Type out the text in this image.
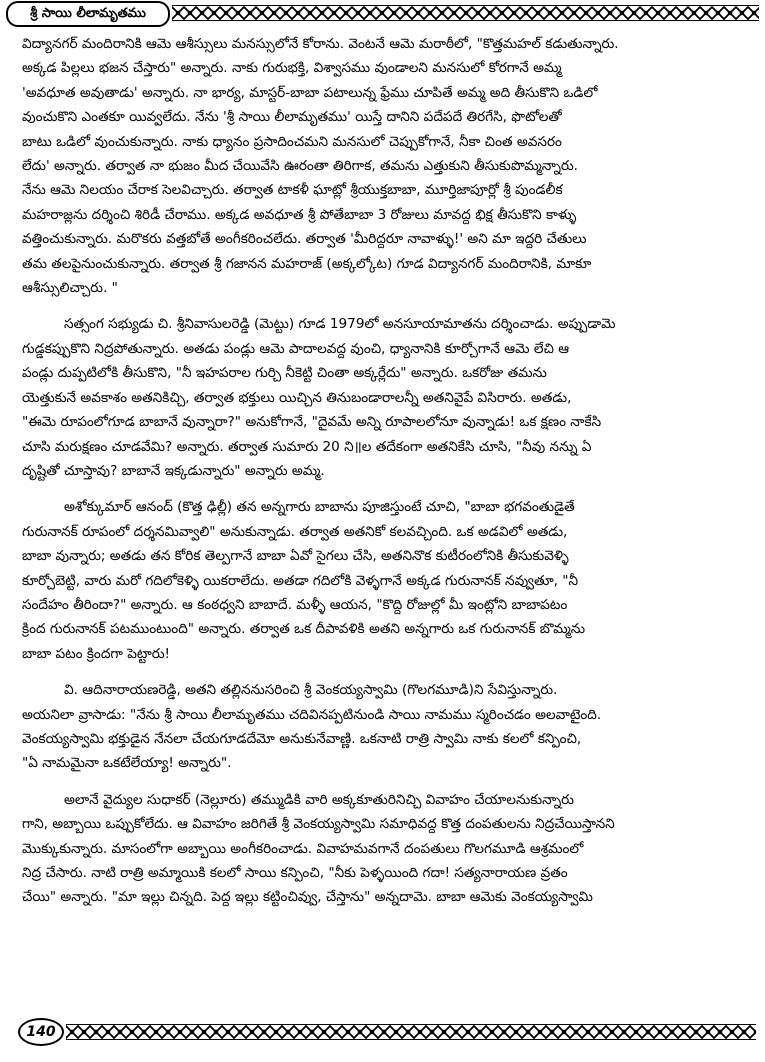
శ్రీ సాయి లీలామృతము
విద్యానగర్ మందిరానికి ఆమె ఆశీస్సులు మనస్సులోనే కోరాను. వెంటనే ఆమె మరాఠీలో, "కొత్తమహల్ కడుతున్నారు.
అక్కడ పిల్లలు భజన చేస్తారు" అన్నారు. నాకు గురుభక్తి, విశ్వాసము వుండాలని మనసులో కోరగానే అమ్మ
'అవధూత అవుతాడు' అన్నారు. నా భార్య, మాస్టర్-బాబా పటాలున్న ఫ్రేము చూపితే అమ్మ అది తీసుకొని ఒడిలో
వుంచుకొని ఎంతకూ యివ్వలేదు. నేను 'శ్రీ సాయి లీలామృతము' యిస్తే దానిని పదేపదే తిరగేసి, ఫొటోలతో
బాటు ఒడిలో వుంచుకున్నారు. నాకు ధ్యానం ప్రసాదించమని మనసులో చెప్పుకోగానే, నీకా చింత అవసరం
లేదు' అన్నారు. తర్వాత నా భుజం మీద చేయివేసి ఊరంతా తిరిగాక, తమను ఎత్తుకుని తీసుకుపొమ్మన్నారు.
నేను ఆమె నిలయం చేరాక సెలవిచ్చారు. తర్వాత టాకళీ ఘాట్లో శ్రీయుక్తబాబా, మూర్తిజాపూర్లో శ్రీ పుండలీక
మహరాజ్లను దర్శించి శిరిడీ చేరాము. అక్కడ అవధూత శ్రీ పోతేబాబా 3 రోజులు మావద్ద భిక్ష తీసుకొని కాళ్ళు
వత్తించుకున్నారు. మరొకరు వత్తబోతే అంగీకరించలేదు. తర్వాత 'మీరిద్దరూ నావాళ్ళు!' అని మా ఇద్దరి చేతులు
తమ తలపైనుంచుకున్నారు. తర్వాత శ్రీ గజానన మహరాజ్ (అక్కల్కోట) గూడ విద్యానగర్ మందిరానికి, మాకూ
ఆశీస్సులిచ్చారు. "
సత్సంగ సభ్యుడు చి. శ్రీనివాసులరెడ్డి (మెట్టు) గూడ 1979లో అనసూయామాతను దర్శించాడు. అప్పుడామె
గుడ్డకప్పుకొని నిద్రపోతున్నారు. అతడు పండ్లు ఆమె పాదాలవద్ద వుంచి, ధ్యానానికి కూర్చోగానే ఆమె లేచి ఆ
పండ్లు దుప్పటిలోకి తీసుకొని, "నీ ఇహపరాల గుర్చి నీకెట్టి చింతా అక్కర్లేదు" అన్నారు. ఒకరోజు తమను
యెత్తుకునే అవకాశం అతనికిచ్చి, తర్వాత భక్తులు యిచ్చిన తినుబండారాలన్నీ అతనివైపే విసిరారు. అతడు,
"ఈమె రూపంలోగూడ బాబానే వున్నారా?" అనుకోగానే, "దైవమే అన్ని రూపాలలోనూ వున్నాడు! ఒక క్షణం నాకేసి
చూసి మరుక్షణం చూడవేమి? అన్నారు. తర్వాత సుమారు 20 ని॥ల తదేకంగా అతనికేసి చూసి, "నీవు నన్ను ఏ
దృష్టితో చూస్తావు? బాబానే ఇక్కడున్నారు" అన్నారు అమ్మ.
అశోక్కుమార్ ఆనంద్ (కొత్త ఢిల్లీ) తన అన్నగారు బాబాను పూజిస్తుంటే చూచి, "బాబా భగవంతుడైతే
గురునానక్ రూపంలో దర్శనమివ్వాలి" అనుకున్నాడు. తర్వాత అతనికో కలవచ్చింది. ఒక అడవిలో అతడు,
బాబా వున్నారు; అతడు తన కోరిక తెల్పగానే బాబా ఏవో సైగలు చేసి, అతనినొక కుటీరంలోనికి తీసుకువెళ్ళి
కూర్చోబెట్టి, వారు మరో గదిలోకెళ్ళి యికరాలేదు. అతడా గదిలోకి వెళ్ళగానే అక్కడ గురునానక్ నవ్వుతూ, "నీ
సందేహం తీరిందా?" అన్నారు. ఆ కంఠధ్వని బాబాదే. మళ్ళీ ఆయన, "కొద్ది రోజుల్లో మీ ఇంట్లోని బాబాపటం
క్రింద గురునానక్ పటముంటుంది" అన్నారు. తర్వాత ఒక దీపావళికి అతని అన్నగారు ఒక గురునానక్ బొమ్మను
బాబా పటం క్రిందగా పెట్టారు!
వి. ఆదినారాయణరెడ్డి, అతని తల్లిననుసరించి శ్రీ వెంకయ్యస్వామి (గొలగమూడి)ని సేవిస్తున్నారు.
అయనిలా వ్రాసాడు: "నేను శ్రీ సాయి లీలామృతము చదివినప్పటినుండి సాయి నామము స్మరించడం అలవాటైంది.
వెంకయ్యస్వామి భక్తుడైన నేనలా చేయగూడదేమో అనుకునేవాణ్ణి. ఒకనాటి రాత్రి స్వామి నాకు కలలో కన్పించి,
"ఏ నామమైనా ఒకటేలేయ్యా! అన్నారు".
అలానే వైద్యుల సుధాకర్ (నెల్లూరు) తమ్ముడికి వారి అక్కకూతురినిచ్చి వివాహం చేయాలనుకున్నారు
గాని, అబ్బాయి ఒప్పుకోలేదు. ఆ వివాహం జరిగితే శ్రీ వెంకయ్యస్వామి సమాధివద్ద కొత్త దంపతులను నిద్రచేయిస్తానని
మొక్కుకున్నారు. మాసంలోగా అబ్బాయి అంగీకరించాడు. వివాహమవగానే దంపతులు గొలగమూడి ఆశ్రమంలో
నిద్ర చేసారు. నాటి రాత్రి అమ్మాయికి కలలో సాయి కన్పించి, "నీకు పెళ్ళయింది గదా! సత్యనారాయణ వ్రతం
చేయి" అన్నారు. "మా ఇల్లు చిన్నది. పెద్ద ఇల్లు కట్టించివ్వు, చేస్తాను" అన్నదామె. బాబా ఆమెకు వెంకయ్యస్వామి
140
